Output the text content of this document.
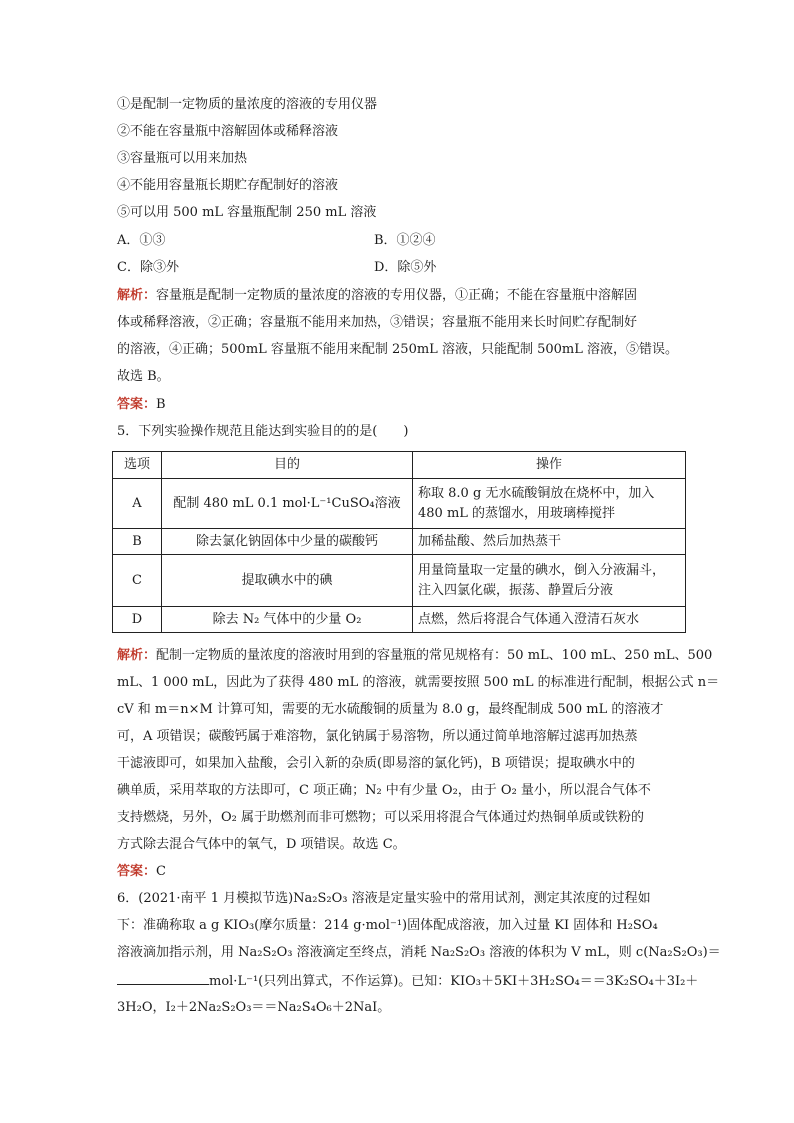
①是配制一定物质的量浓度的溶液的专用仪器
②不能在容量瓶中溶解固体或稀释溶液
③容量瓶可以用来加热
④不能用容量瓶长期贮存配制好的溶液
⑤可以用 500 mL 容量瓶配制 250 mL 溶液
A．①③	B．①②④
C．除③外	D．除⑤外
解析：容量瓶是配制一定物质的量浓度的溶液的专用仪器，①正确；不能在容量瓶中溶解固
体或稀释溶液，②正确；容量瓶不能用来加热，③错误；容量瓶不能用来长时间贮存配制好
的溶液，④正确；500mL 容量瓶不能用来配制 250mL 溶液，只能配制 500mL 溶液，⑤错误。
故选 B。
答案：B
5．下列实验操作规范且能达到实验目的的是(　　)
选项	目的	操作
A	配制 480 mL 0.1 mol·L⁻¹CuSO₄溶液	称取 8.0 g 无水硫酸铜放在烧杯中，加入
480 mL 的蒸馏水，用玻璃棒搅拌

B	除去氯化钠固体中少量的碳酸钙	加稀盐酸、然后加热蒸干
C	提取碘水中的碘	用量筒量取一定量的碘水，倒入分液漏斗，
注入四氯化碳，振荡、静置后分液

D	除去 N₂ 气体中的少量 O₂	点燃，然后将混合气体通入澄清石灰水
解析：配制一定物质的量浓度的溶液时用到的容量瓶的常见规格有：50 mL、100 mL、250 mL、500
mL、1 000 mL，因此为了获得 480 mL 的溶液，就需要按照 500 mL 的标准进行配制，根据公式 n＝
cV 和 m＝n×M 计算可知，需要的无水硫酸铜的质量为 8.0 g，最终配制成 500 mL 的溶液才
可，A 项错误；碳酸钙属于难溶物，氯化钠属于易溶物，所以通过简单地溶解过滤再加热蒸
干滤液即可，如果加入盐酸，会引入新的杂质(即易溶的氯化钙)，B 项错误；提取碘水中的
碘单质，采用萃取的方法即可，C 项正确；N₂ 中有少量 O₂，由于 O₂ 量小，所以混合气体不
支持燃烧，另外，O₂ 属于助燃剂而非可燃物；可以采用将混合气体通过灼热铜单质或铁粉的
方式除去混合气体中的氧气，D 项错误。故选 C。
答案：C
6．(2021·南平 1 月模拟节选)Na₂S₂O₃ 溶液是定量实验中的常用试剂，测定其浓度的过程如
下：准确称取 a g KIO₃(摩尔质量：214 g·mol⁻¹)固体配成溶液，加入过量 KI 固体和 H₂SO₄
溶液滴加指示剂，用 Na₂S₂O₃ 溶液滴定至终点，消耗 Na₂S₂O₃ 溶液的体积为 V mL，则 c(Na₂S₂O₃)＝
mol·L⁻¹(只列出算式，不作运算)。已知：KIO₃＋5KI＋3H₂SO₄＝＝3K₂SO₄＋3I₂＋
3H₂O，I₂＋2Na₂S₂O₃＝＝Na₂S₄O₆＋2NaI。
